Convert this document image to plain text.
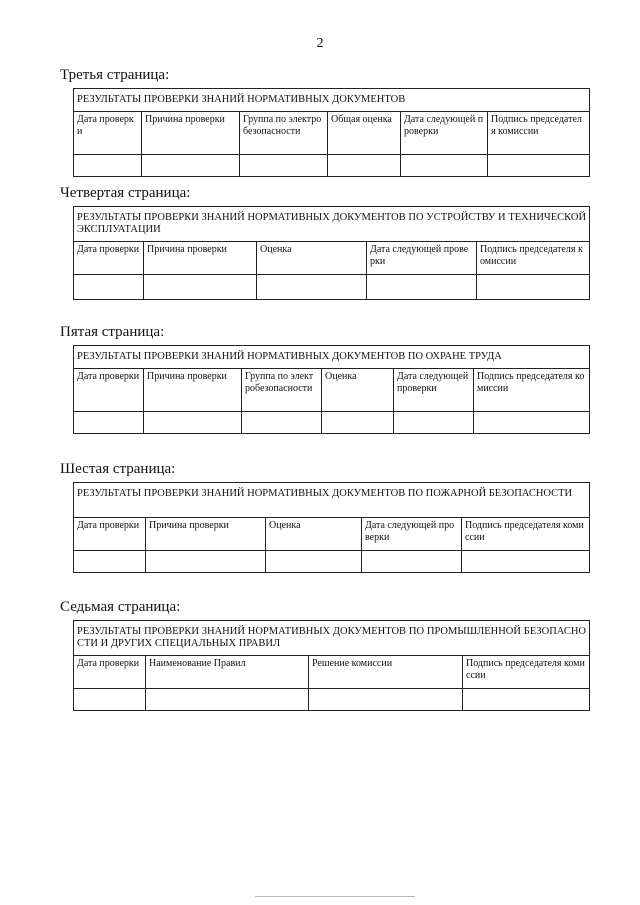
2
Третья страница:
РЕЗУЛЬТАТЫ ПРОВЕРКИ ЗНАНИЙ НОРМАТИВНЫХ ДОКУМЕНТОВ					
Дата проверки	Причина проверки	Группа по электробезопасности	Общая оценка	Дата следующей проверки	Подпись председателя комиссии

Четвертая страница:
РЕЗУЛЬТАТЫ ПРОВЕРКИ ЗНАНИЙ НОРМАТИВНЫХ ДОКУМЕНТОВ ПО УСТРОЙСТВУ И ТЕХНИЧЕСКОЙ ЭКСПЛУАТАЦИИ				
Дата проверки	Причина проверки	Оценка	Дата следующей проверки	Подпись председателя комиссии

Пятая страница:
РЕЗУЛЬТАТЫ ПРОВЕРКИ ЗНАНИЙ НОРМАТИВНЫХ ДОКУМЕНТОВ ПО ОХРАНЕ ТРУДА					
Дата проверки	Причина проверки	Группа по электробезопасности	Оценка	Дата следующей проверки	Подпись председателя комиссии

Шестая страница:
РЕЗУЛЬТАТЫ ПРОВЕРКИ ЗНАНИЙ НОРМАТИВНЫХ ДОКУМЕНТОВ ПО ПОЖАРНОЙ БЕЗОПАСНОСТИ				
Дата проверки	Причина проверки	Оценка	Дата следующей проверки	Подпись председателя комиссии

Седьмая страница:
РЕЗУЛЬТАТЫ ПРОВЕРКИ ЗНАНИЙ НОРМАТИВНЫХ ДОКУМЕНТОВ ПО ПРОМЫШЛЕННОЙ БЕЗОПАСНОСТИ И ДРУГИХ СПЕЦИАЛЬНЫХ ПРАВИЛ			
Дата проверки	Наименование Правил	Решение комиссии	Подпись председателя комиссии
